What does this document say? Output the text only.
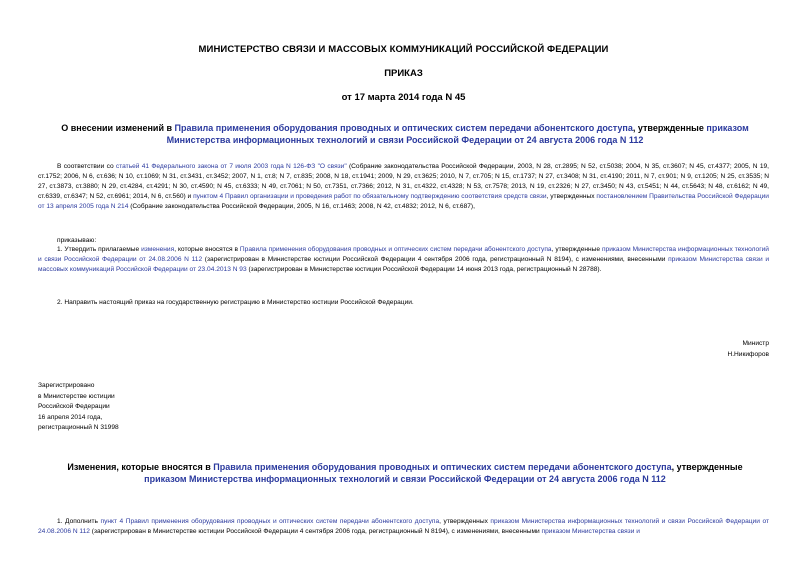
МИНИСТЕРСТВО СВЯЗИ И МАССОВЫХ КОММУНИКАЦИЙ РОССИЙСКОЙ ФЕДЕРАЦИИ
ПРИКАЗ
от 17 марта 2014 года N 45
О внесении изменений в Правила применения оборудования проводных и оптических систем передачи абонентского доступа, утвержденные приказом Министерства информационных технологий и связи Российской Федерации от 24 августа 2006 года N 112
В соответствии со статьей 41 Федерального закона от 7 июля 2003 года N 126-ФЗ "О связи" (Собрание законодательства Российской Федерации, 2003, N 28, ст.2895; N 52, ст.5038; 2004, N 35, ст.3607; N 45, ст.4377; 2005, N 19, ст.1752; 2006, N 6, ст.636; N 10, ст.1069; N 31, ст.3431, ст.3452; 2007, N 1, ст.8; N 7, ст.835; 2008, N 18, ст.1941; 2009, N 29, ст.3625; 2010, N 7, ст.705; N 15, ст.1737; N 27, ст.3408; N 31, ст.4190; 2011, N 7, ст.901; N 9, ст.1205; N 25, ст.3535; N 27, ст.3873, ст.3880; N 29, ст.4284, ст.4291; N 30, ст.4590; N 45, ст.6333; N 49, ст.7061; N 50, ст.7351, ст.7366; 2012, N 31, ст.4322, ст.4328; N 53, ст.7578; 2013, N 19, ст.2326; N 27, ст.3450; N 43, ст.5451; N 44, ст.5643; N 48, ст.6162; N 49, ст.6339, ст.6347; N 52, ст.6961; 2014, N 6, ст.560) и пунктом 4 Правил организации и проведения работ по обязательному подтверждению соответствия средств связи, утвержденных постановлением Правительства Российской Федерации от 13 апреля 2005 года N 214 (Собрание законодательства Российской Федерации, 2005, N 16, ст.1463; 2008, N 42, ст.4832; 2012, N 6, ст.687),
приказываю:
1. Утвердить прилагаемые изменения, которые вносятся в Правила применения оборудования проводных и оптических систем передачи абонентского доступа, утвержденные приказом Министерства информационных технологий и связи Российской Федерации от 24.08.2006 N 112 (зарегистрирован в Министерстве юстиции Российской Федерации 4 сентября 2006 года, регистрационный N 8194), с изменениями, внесенными приказом Министерства связи и массовых коммуникаций Российской Федерации от 23.04.2013 N 93 (зарегистрирован в Министерстве юстиции Российской Федерации 14 июня 2013 года, регистрационный N 28788).
2. Направить настоящий приказ на государственную регистрацию в Министерство юстиции Российской Федерации.
Министр
Н.Никифоров
Зарегистрировано
в Министерстве юстиции
Российской Федерации
16 апреля 2014 года,
регистрационный N 31998
Изменения, которые вносятся в Правила применения оборудования проводных и оптических систем передачи абонентского доступа, утвержденные приказом Министерства информационных технологий и связи Российской Федерации от 24 августа 2006 года N 112
1. Дополнить пункт 4 Правил применения оборудования проводных и оптических систем передачи абонентского доступа, утвержденных приказом Министерства информационных технологий и связи Российской Федерации от 24.08.2006 N 112 (зарегистрирован в Министерстве юстиции Российской Федерации 4 сентября 2006 года, регистрационный N 8194), с изменениями, внесенными приказом Министерства связи и
